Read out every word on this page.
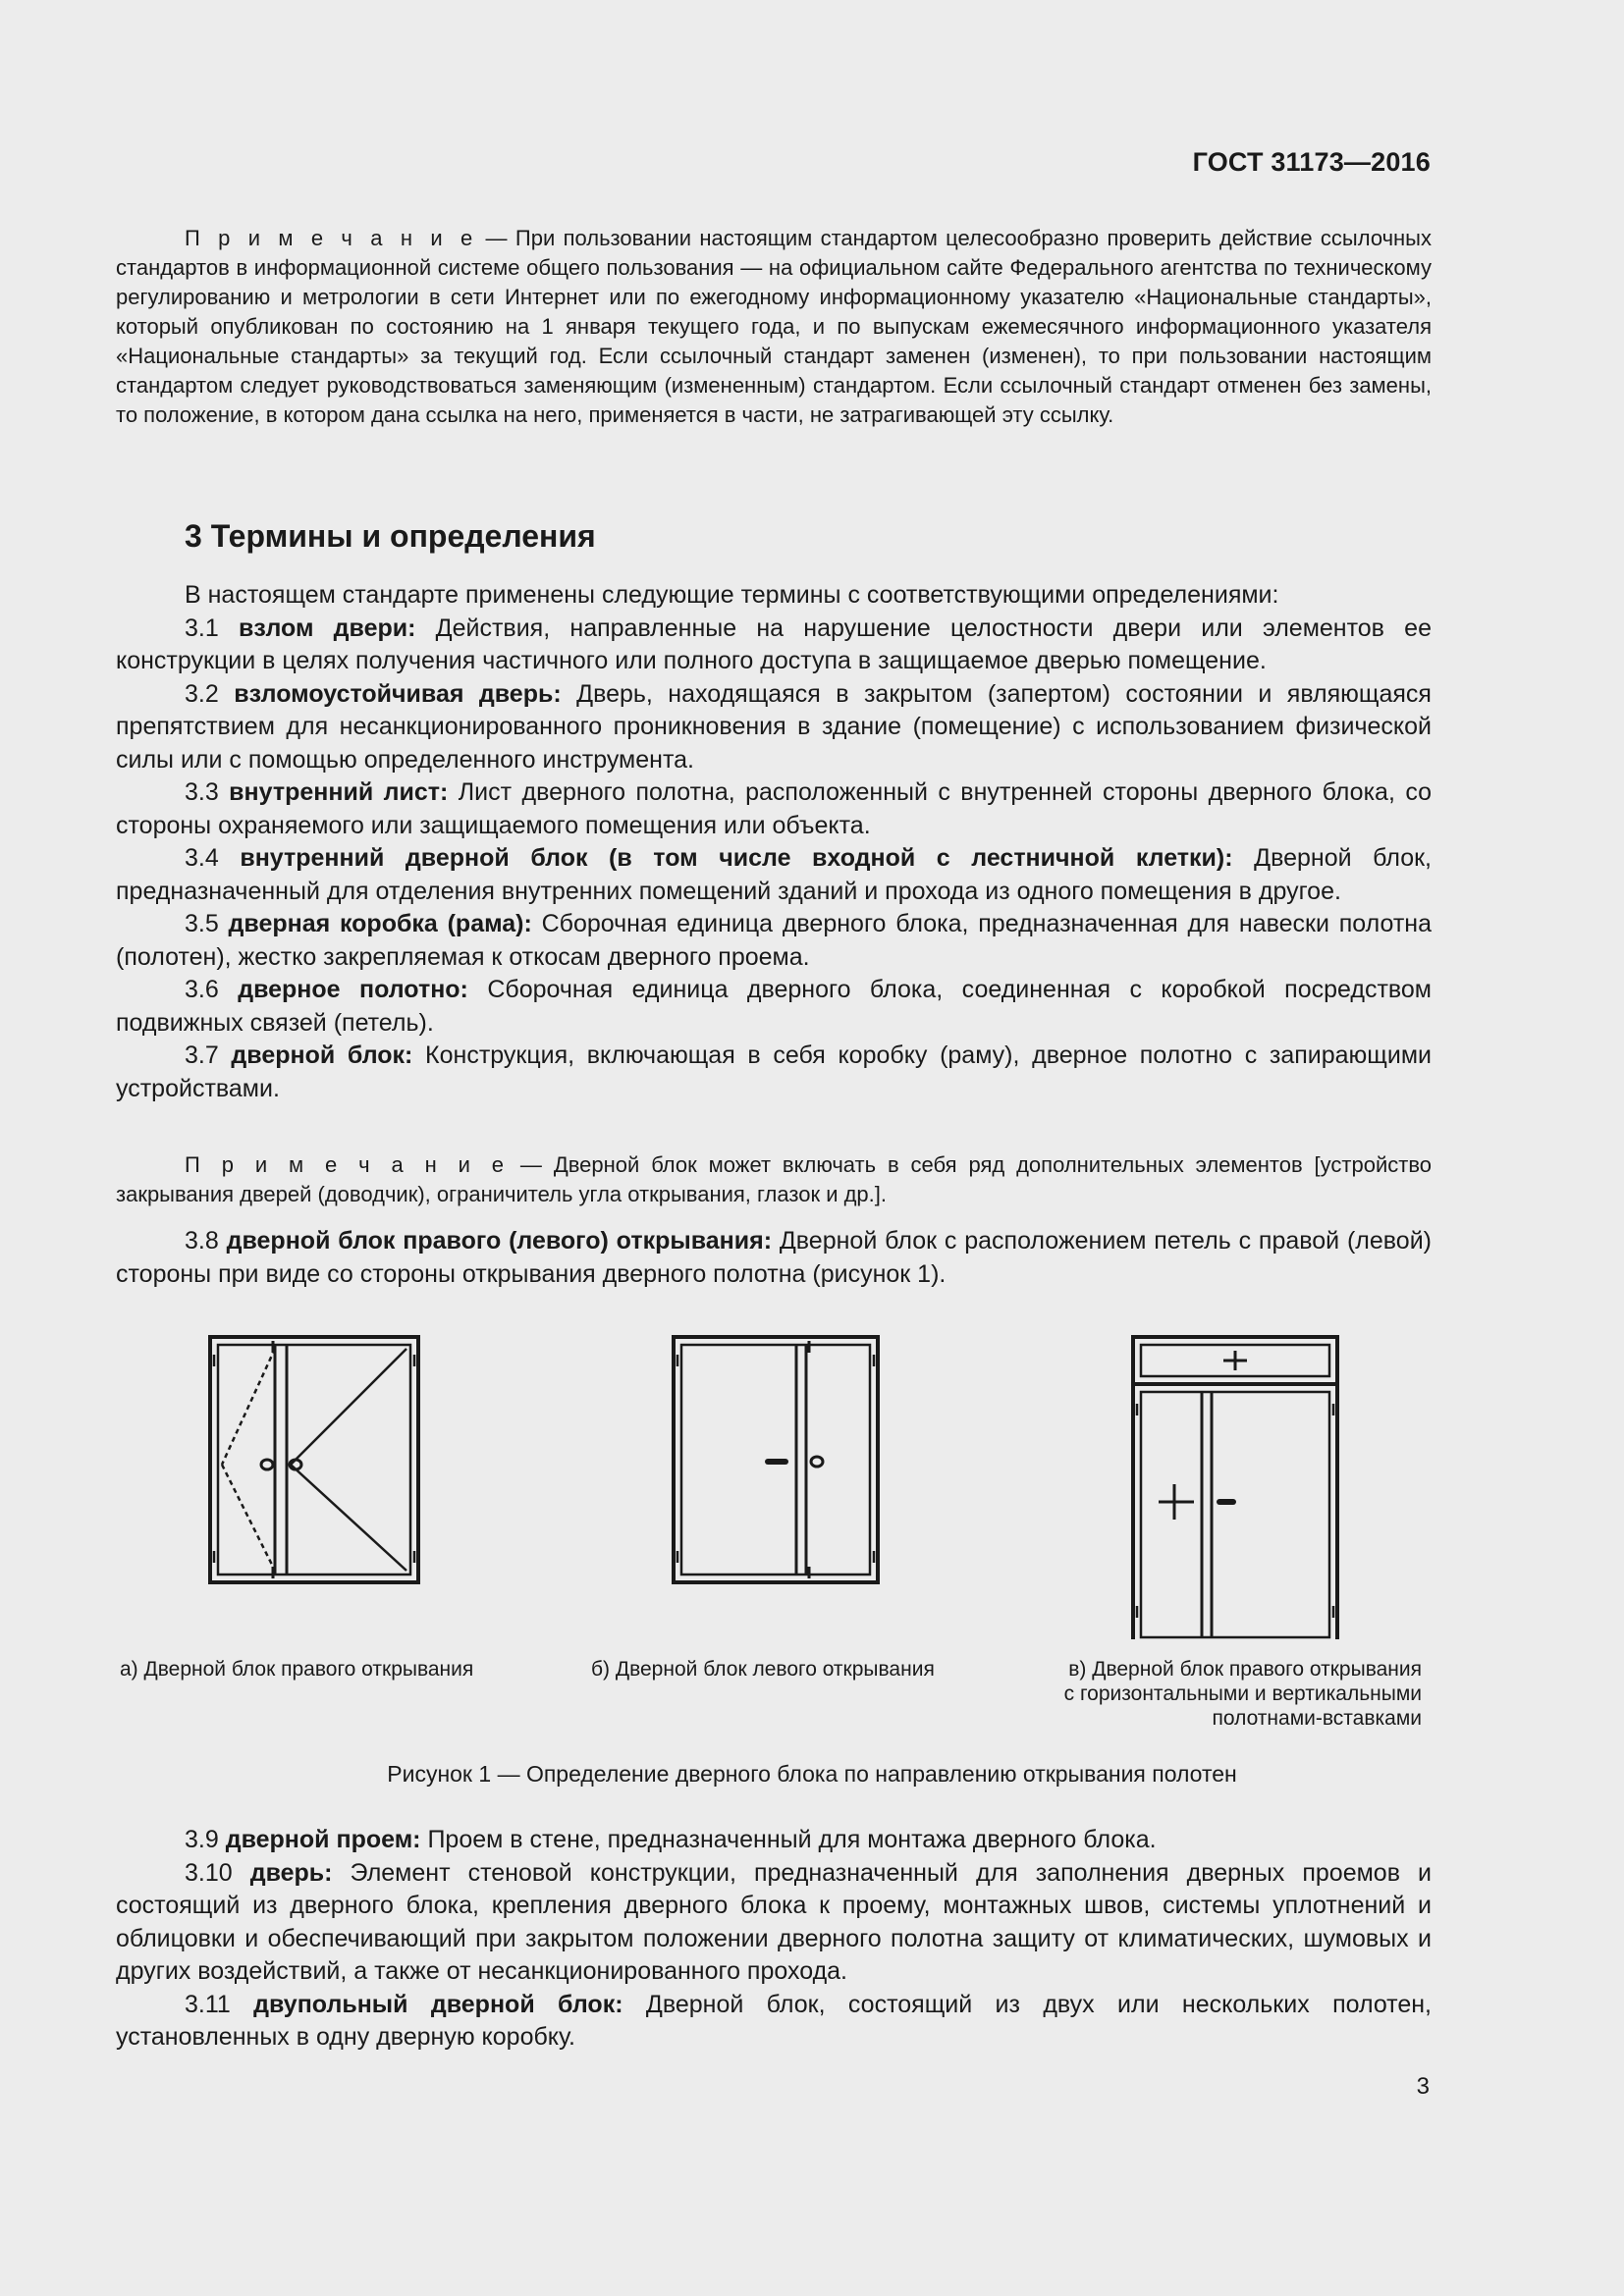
ГОСТ 31173—2016

П р и м е ч а н и е — При пользовании настоящим стандартом целесообразно проверить действие ссылочных стандартов в информационной системе общего пользования — на официальном сайте Федерального агентства по техническому регулированию и метрологии в сети Интернет или по ежегодному информационному указателю «Национальные стандарты», который опубликован по состоянию на 1 января текущего года, и по выпускам ежемесячного информационного указателя «Национальные стандарты» за текущий год. Если ссылочный стандарт заменен (изменен), то при пользовании настоящим стандартом следует руководствоваться заменяющим (измененным) стандартом. Если ссылочный стандарт отменен без замены, то положение, в котором дана ссылка на него, применяется в части, не затрагивающей эту ссылку.

3 Термины и определения

В настоящем стандарте применены следующие термины с соответствующими определениями:

3.1 взлом двери: Действия, направленные на нарушение целостности двери или элементов ее конструкции в целях получения частичного или полного доступа в защищаемое дверью помещение.

3.2 взломоустойчивая дверь: Дверь, находящаяся в закрытом (запертом) состоянии и являющаяся препятствием для несанкционированного проникновения в здание (помещение) с использованием физической силы или с помощью определенного инструмента.

3.3 внутренний лист: Лист дверного полотна, расположенный с внутренней стороны дверного блока, со стороны охраняемого или защищаемого помещения или объекта.

3.4 внутренний дверной блок (в том числе входной с лестничной клетки): Дверной блок, предназначенный для отделения внутренних помещений зданий и прохода из одного помещения в другое.

3.5 дверная коробка (рама): Сборочная единица дверного блока, предназначенная для навески полотна (полотен), жестко закрепляемая к откосам дверного проема.

3.6 дверное полотно: Сборочная единица дверного блока, соединенная с коробкой посредством подвижных связей (петель).

3.7 дверной блок: Конструкция, включающая в себя коробку (раму), дверное полотно с запирающими устройствами.

П р и м е ч а н и е — Дверной блок может включать в себя ряд дополнительных элементов [устройство закрывания дверей (доводчик), ограничитель угла открывания, глазок и др.].

3.8 дверной блок правого (левого) открывания: Дверной блок с расположением петель с правой (левой) стороны при виде со стороны открывания дверного полотна (рисунок 1).

а) Дверной блок правого открывания	б) Дверной блок левого открывания	в) Дверной блок правого открывания
с горизонтальными и вертикальными
полотнами-вставками
Рисунок 1 — Определение дверного блока по направлению открывания полотен

3.9 дверной проем: Проем в стене, предназначенный для монтажа дверного блока.

3.10 дверь: Элемент стеновой конструкции, предназначенный для заполнения дверных проемов и состоящий из дверного блока, крепления дверного блока к проему, монтажных швов, системы уплотнений и облицовки и обеспечивающий при закрытом положении дверного полотна защиту от климатических, шумовых и других воздействий, а также от несанкционированного прохода.

3.11 двупольный дверной блок: Дверной блок, состоящий из двух или нескольких полотен, установленных в одну дверную коробку.

3
